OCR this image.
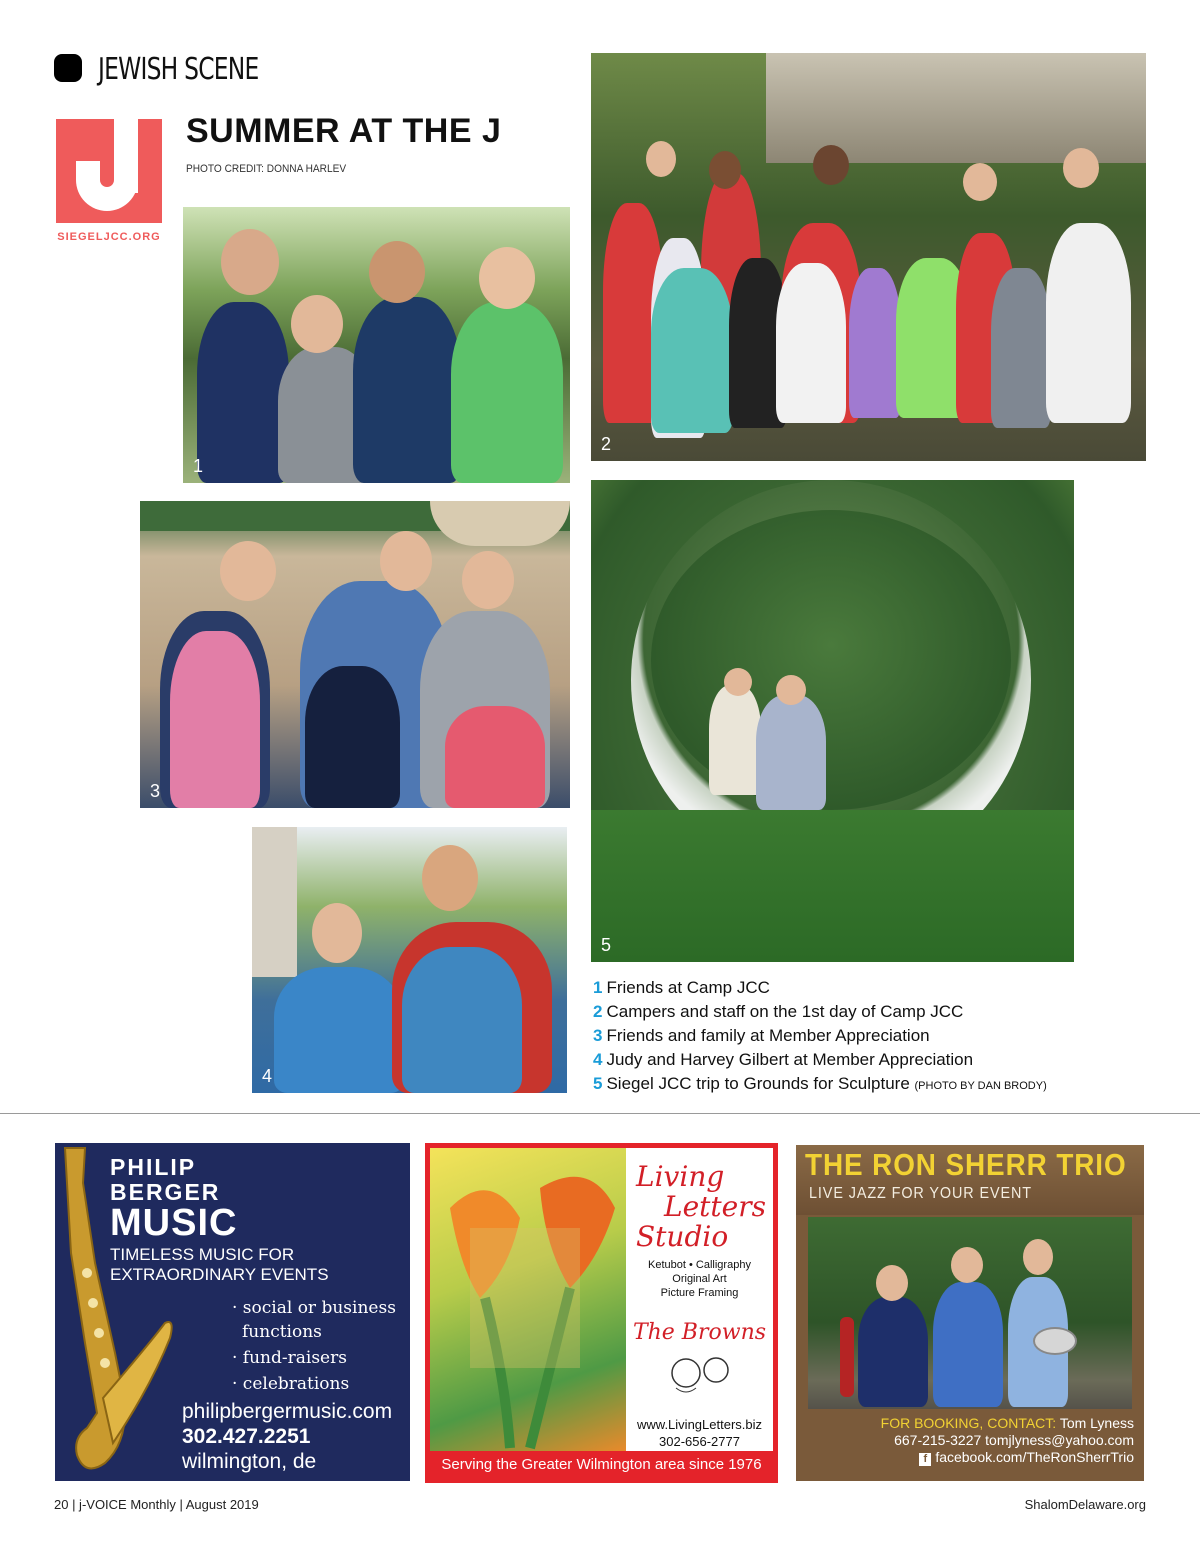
JEWISH SCENE
SIEGELJCC.ORG
SUMMER AT THE J
PHOTO CREDIT: DONNA HARLEV
1
2
3
4
5
1 Friends at Camp JCC
2 Campers and staff on the 1st day of Camp JCC
3 Friends and family at Member Appreciation
4 Judy and Harvey Gilbert at Member Appreciation
5 Siegel JCC trip to Grounds for Sculpture (PHOTO BY DAN BRODY)
PHILIP
BERGER
MUSIC
TIMELESS MUSIC FOR
EXTRAORDINARY EVENTS
· social or business
functions
· fund-raisers
· celebrations
philipbergermusic.com
302.427.2251
wilmington, de
Living
Letters
Studio
Ketubot • Calligraphy
Original Art
Picture Framing
The Browns
www.LivingLetters.biz
302-656-2777
Serving the Greater Wilmington area since 1976
THE RON SHERR TRIO
LIVE JAZZ FOR YOUR EVENT
FOR BOOKING, CONTACT: Tom Lyness
667-215-3227 tomjlyness@yahoo.com
f facebook.com/TheRonSherrTrio
20 | j-VOICE Monthly | August 2019	ShalomDelaware.org
